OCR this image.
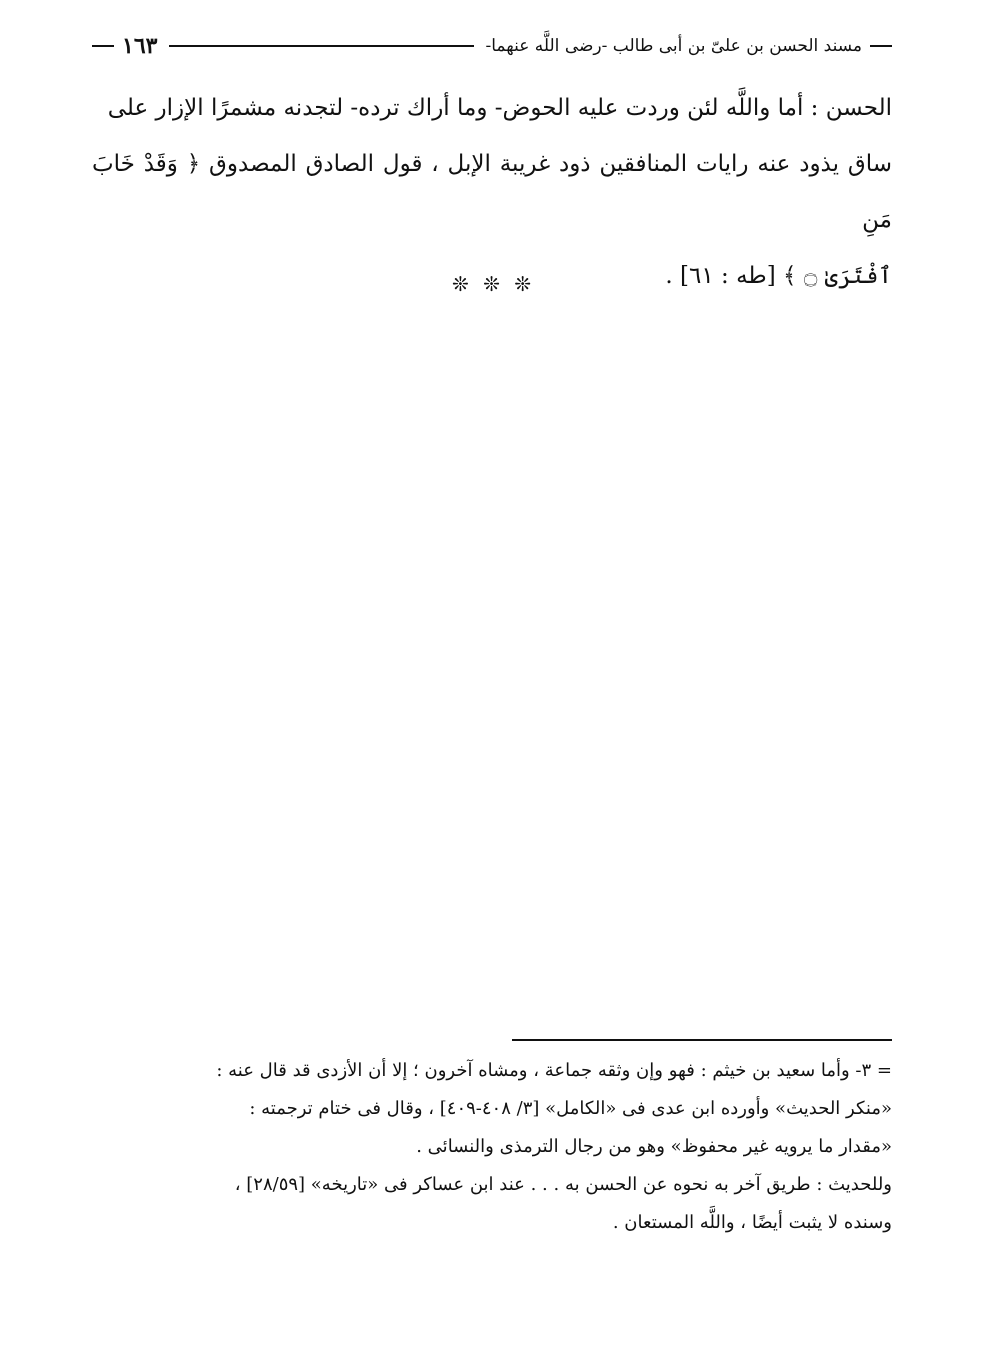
مسند الحسن بن علىّ بن أبى طالب -رضى اللَّه عنهما-
١٦٣

الحسن : أما واللَّه لئن وردت عليه الحوض- وما أراك ترده- لتجدنه مشمرًا الإزار على

ساق يذود عنه رايات المنافقين ذود غريبة الإبل ، قول الصادق المصدوق ﴿ وَقَدْ خَابَ مَنِ

ٱفْتَرَىٰ ۝ ﴾ [طه : ٦١] .

❊ ❊ ❊

= ٣- وأما سعيد بن خيثم : فهو وإن وثقه جماعة ، ومشاه آخرون ؛ إلا أن الأزدى قد قال عنه :

«منكر الحديث» وأورده ابن عدى فى «الكامل» [٣/ ٤٠٨-٤٠٩] ، وقال فى ختام ترجمته :

«مقدار ما يرويه غير محفوظ» وهو من رجال الترمذى والنسائى .

وللحديث : طريق آخر به نحوه عن الحسن به . . . عند ابن عساكر فى «تاريخه» [٢٨/٥٩] ،

وسنده لا يثبت أيضًا ، واللَّه المستعان .
